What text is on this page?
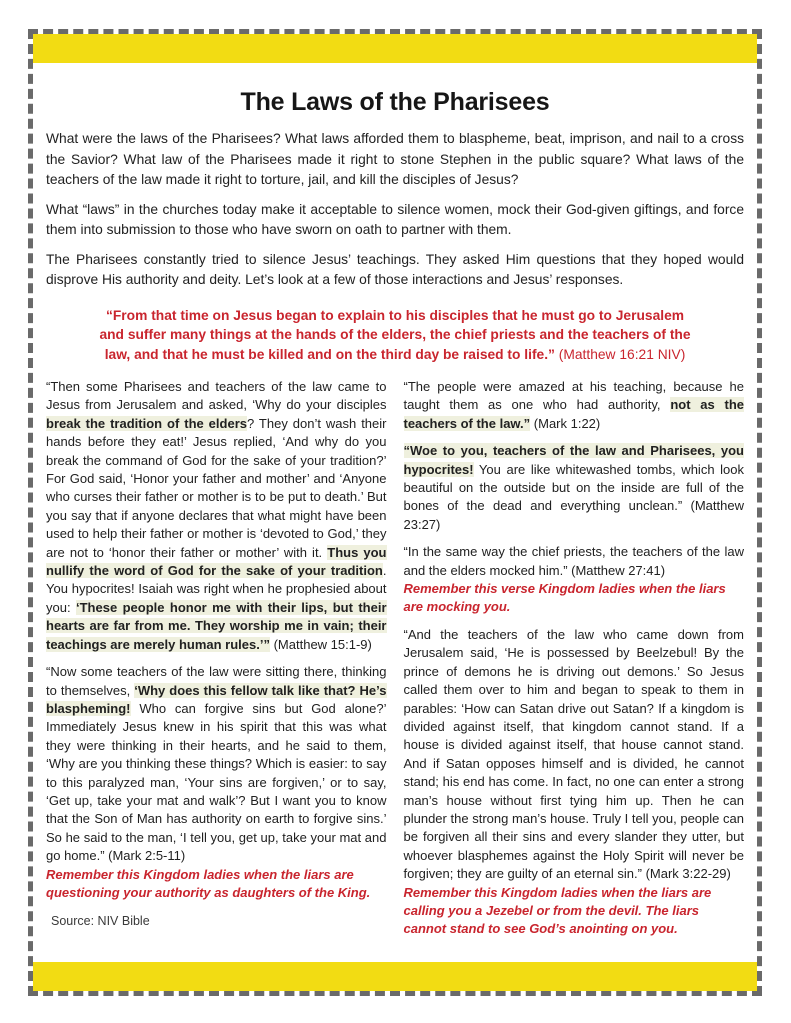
The Laws of the Pharisees

What were the laws of the Pharisees? What laws afforded them to blaspheme, beat, imprison, and nail to a cross the Savior? What law of the Pharisees made it right to stone Stephen in the public square? What laws of the teachers of the law made it right to torture, jail, and kill the disciples of Jesus?

What “laws” in the churches today make it acceptable to silence women, mock their God-given giftings, and force them into submission to those who have sworn on oath to partner with them.

The Pharisees constantly tried to silence Jesus’ teachings. They asked Him questions that they hoped would disprove His authority and deity. Let’s look at a few of those interactions and Jesus’ responses.

“From that time on Jesus began to explain to his disciples that he must go to Jerusalem and suffer many things at the hands of the elders, the chief priests and the teachers of the law, and that he must be killed and on the third day be raised to life.” (Matthew 16:21 NIV)

“Then some Pharisees and teachers of the law came to Jesus from Jerusalem and asked, ‘Why do your disciples break the tradition of the elders? They don’t wash their hands before they eat!’ Jesus replied, ‘And why do you break the command of God for the sake of your tradition?’ For God said, ‘Honor your father and mother’ and ‘Anyone who curses their father or mother is to be put to death.’ But you say that if anyone declares that what might have been used to help their father or mother is ‘devoted to God,’ they are not to ‘honor their father or mother’ with it. Thus you nullify the word of God for the sake of your tradition. You hypocrites! Isaiah was right when he prophesied about you: ‘These people honor me with their lips, but their hearts are far from me. They worship me in vain; their teachings are merely human rules.’” (Matthew 15:1-9)

“Now some teachers of the law were sitting there, thinking to themselves, ‘Why does this fellow talk like that? He’s blaspheming! Who can forgive sins but God alone?’ Immediately Jesus knew in his spirit that this was what they were thinking in their hearts, and he said to them, ‘Why are you thinking these things? Which is easier: to say to this paralyzed man, ‘Your sins are forgiven,’ or to say, ‘Get up, take your mat and walk’? But I want you to know that the Son of Man has authority on earth to forgive sins.’ So he said to the man, ‘I tell you, get up, take your mat and go home.” (Mark 2:5-11)

Remember this Kingdom ladies when the liars are questioning your authority as daughters of the King.

“The people were amazed at his teaching, because he taught them as one who had authority, not as the teachers of the law.” (Mark 1:22)

“Woe to you, teachers of the law and Pharisees, you hypocrites! You are like whitewashed tombs, which look beautiful on the outside but on the inside are full of the bones of the dead and everything unclean.” (Matthew 23:27)

“In the same way the chief priests, the teachers of the law and the elders mocked him.” (Matthew 27:41)

Remember this verse Kingdom ladies when the liars are mocking you.

“And the teachers of the law who came down from Jerusalem said, ‘He is possessed by Beelzebul! By the prince of demons he is driving out demons.’ So Jesus called them over to him and began to speak to them in parables: ‘How can Satan drive out Satan? If a kingdom is divided against itself, that kingdom cannot stand. If a house is divided against itself, that house cannot stand. And if Satan opposes himself and is divided, he cannot stand; his end has come. In fact, no one can enter a strong man’s house without first tying him up. Then he can plunder the strong man’s house. Truly I tell you, people can be forgiven all their sins and every slander they utter, but whoever blasphemes against the Holy Spirit will never be forgiven; they are guilty of an eternal sin.” (Mark 3:22-29)

Remember this Kingdom ladies when the liars are calling you a Jezebel or from the devil. The liars cannot stand to see God’s anointing on you.

Source: NIV Bible
